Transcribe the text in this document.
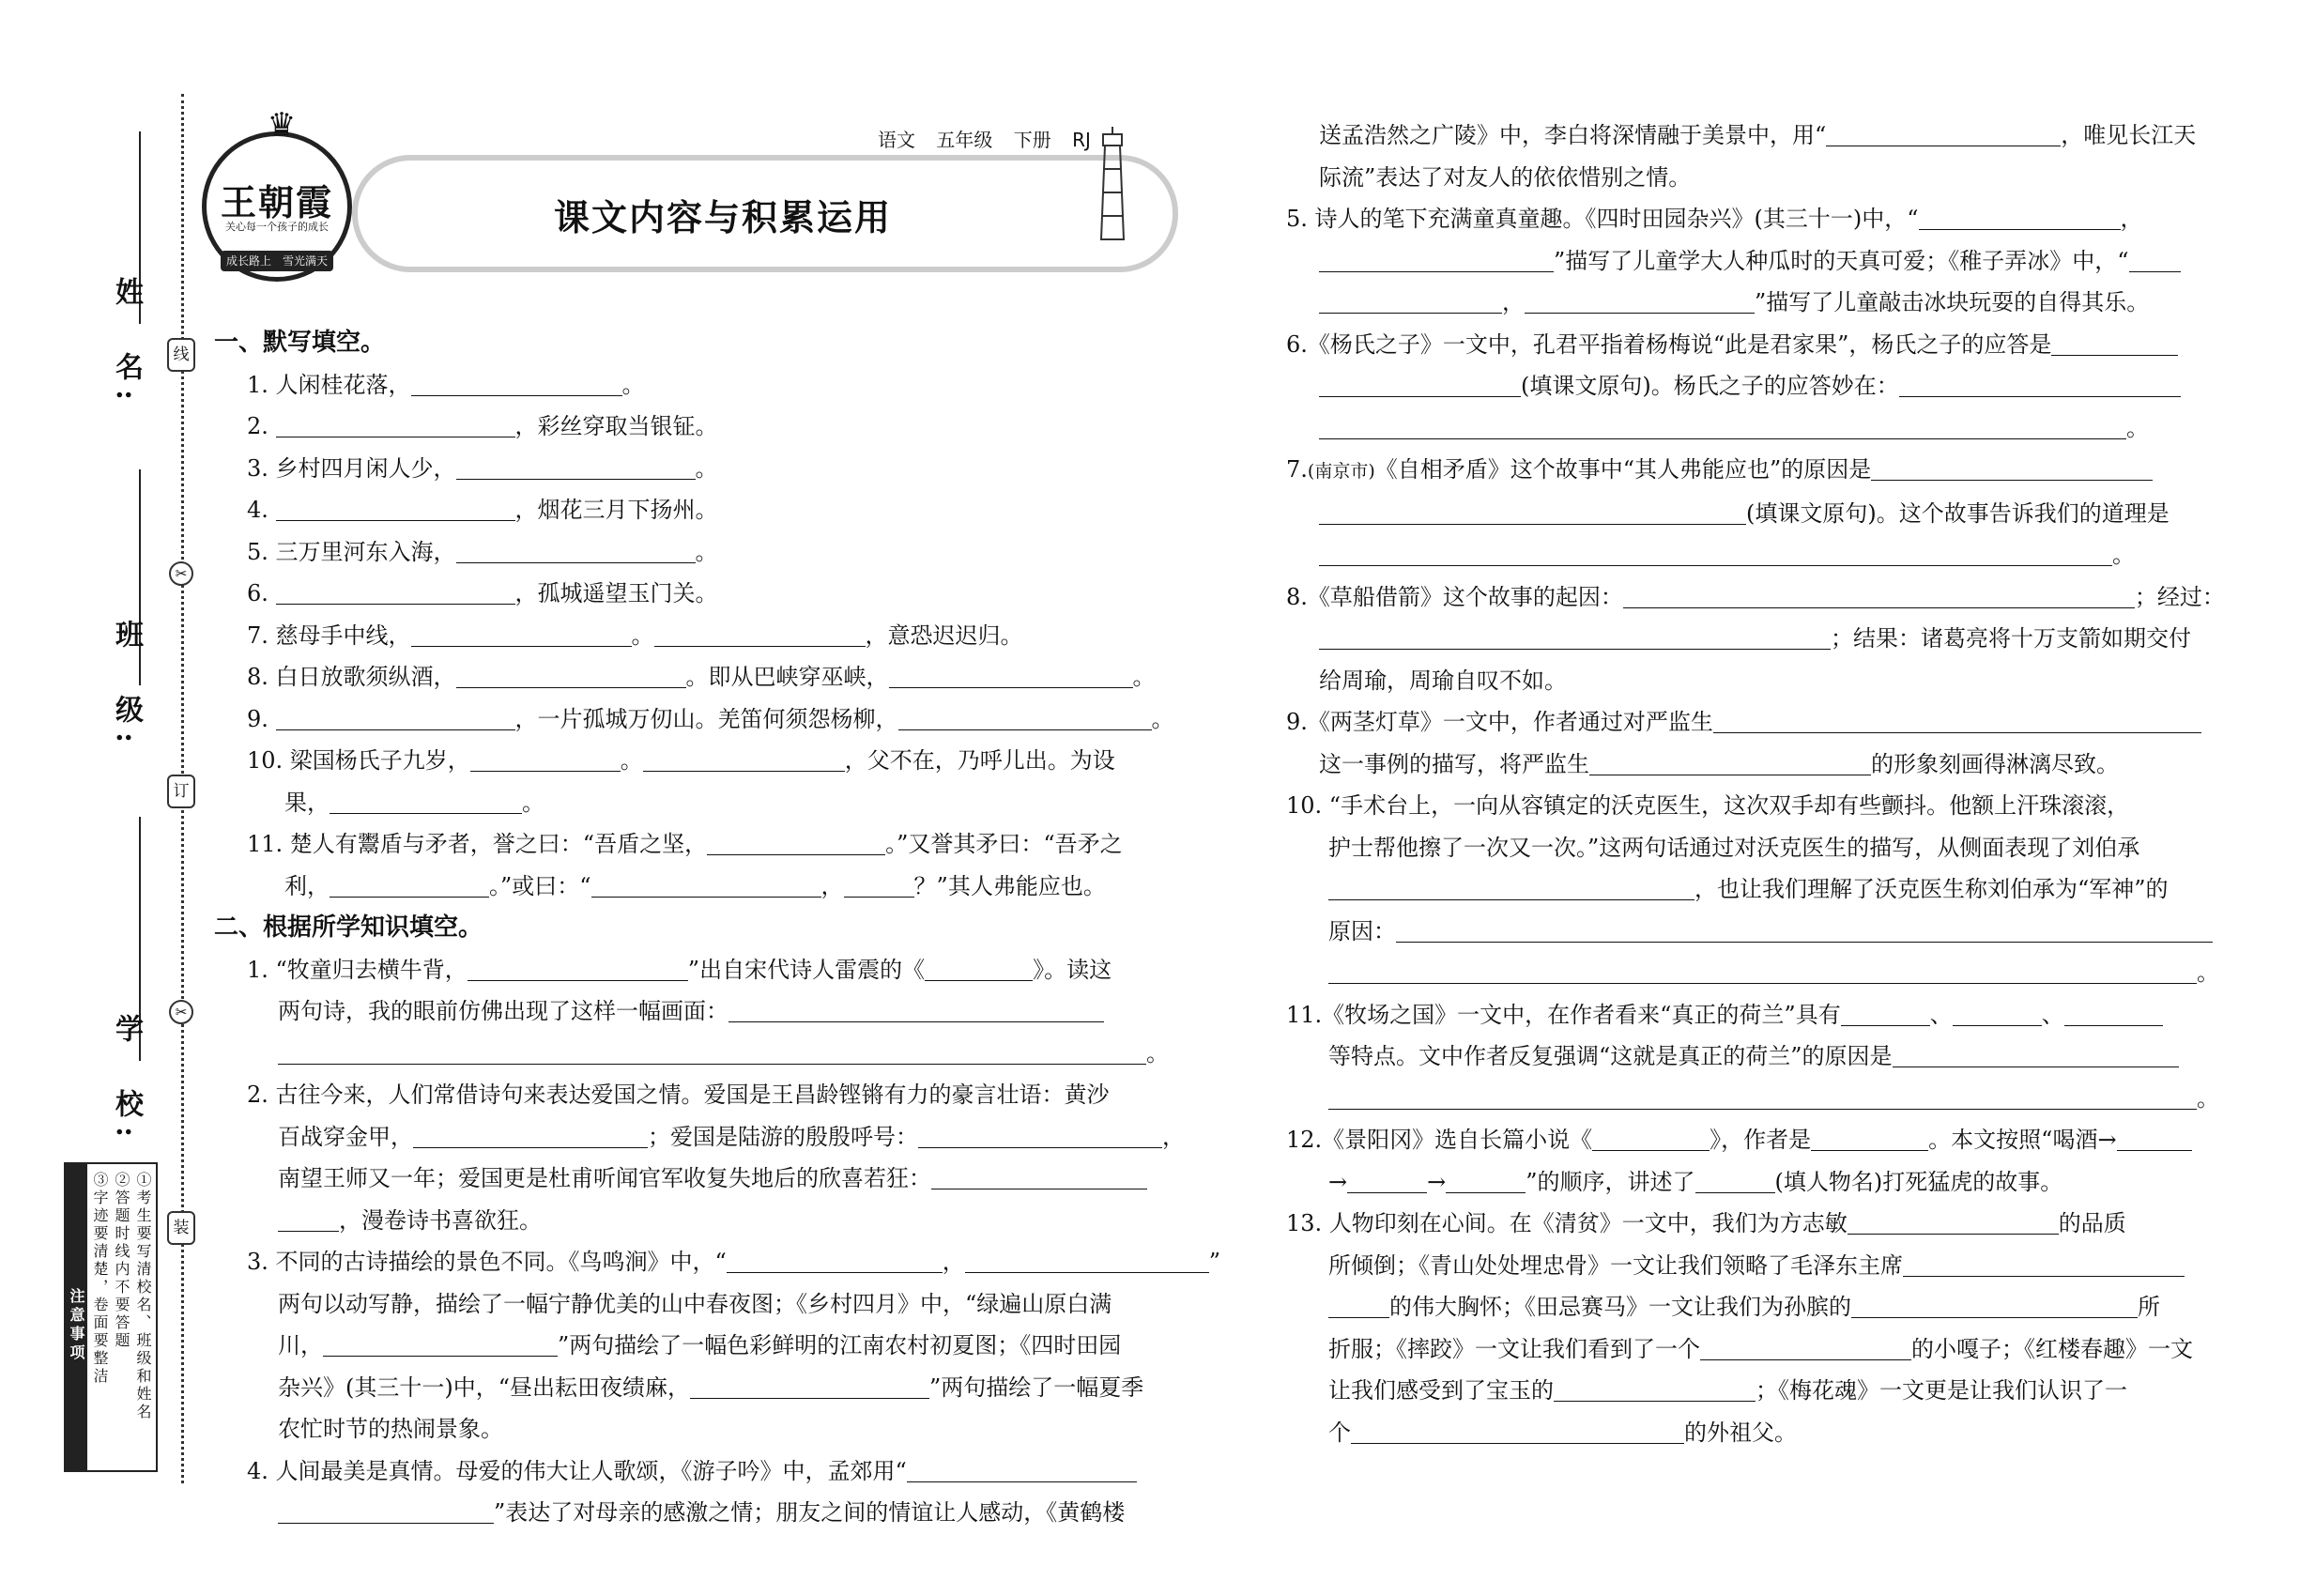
姓　名:
班　级:
学　校:
线
✂
订
✂
装
注意事项	①考生要写清校名、班级和姓名
②答题时线内不要答题
③字迹要清楚，卷面要整洁
♛
王朝霞
关心每一个孩子的成长
成长路上　雪光满天
课文内容与积累运用
语文 五年级 下册 RJ
一、默写填空。
1. 人闲桂花落，	。
2.	，彩丝穿取当银钲。
3. 乡村四月闲人少，	。
4.	，烟花三月下扬州。
5. 三万里河东入海，	。
6.	，孤城遥望玉门关。
7. 慈母手中线，	。	，意恐迟迟归。
8. 白日放歌须纵酒，	。即从巴峡穿巫峡，	。
9.	，一片孤城万仞山。羌笛何须怨杨柳，	。
10. 梁国杨氏子九岁，	。	，父不在，乃呼儿出。为设
果，	。
11. 楚人有鬻盾与矛者，誉之曰：“吾盾之坚，	。”又誉其矛曰：“吾矛之
利，	。”或曰：“	，	？”其人弗能应也。
二、根据所学知识填空。
1. “牧童归去横牛背，	”出自宋代诗人雷震的《	》。读这
两句诗，我的眼前仿佛出现了这样一幅画面：
。
2. 古往今来，人们常借诗句来表达爱国之情。爱国是王昌龄铿锵有力的豪言壮语：黄沙
百战穿金甲，	；爱国是陆游的殷殷呼号：	，
南望王师又一年；爱国更是杜甫听闻官军收复失地后的欣喜若狂：
，漫卷诗书喜欲狂。
3. 不同的古诗描绘的景色不同。《鸟鸣涧》中，“	，	”
两句以动写静，描绘了一幅宁静优美的山中春夜图；《乡村四月》中，“绿遍山原白满
川，	”两句描绘了一幅色彩鲜明的江南农村初夏图；《四时田园
杂兴》(其三十一)中，“昼出耘田夜绩麻，	”两句描绘了一幅夏季
农忙时节的热闹景象。
4. 人间最美是真情。母爱的伟大让人歌颂，《游子吟》中，孟郊用“
”表达了对母亲的感激之情；朋友之间的情谊让人感动，《黄鹤楼
送孟浩然之广陵》中，李白将深情融于美景中，用“	，唯见长江天
际流”表达了对友人的依依惜别之情。
5. 诗人的笔下充满童真童趣。《四时田园杂兴》(其三十一)中，“	，
”描写了儿童学大人种瓜时的天真可爱；《稚子弄冰》中，“
，	”描写了儿童敲击冰块玩耍的自得其乐。
6.《杨氏之子》一文中，孔君平指着杨梅说“此是君家果”，杨氏之子的应答是
(填课文原句)。杨氏之子的应答妙在：
。
7.(南京市)《自相矛盾》这个故事中“其人弗能应也”的原因是
(填课文原句)。这个故事告诉我们的道理是
。
8.《草船借箭》这个故事的起因：	；经过：
；结果：诸葛亮将十万支箭如期交付
给周瑜，周瑜自叹不如。
9.《两茎灯草》一文中，作者通过对严监生
这一事例的描写，将严监生	的形象刻画得淋漓尽致。
10. “手术台上，一向从容镇定的沃克医生，这次双手却有些颤抖。他额上汗珠滚滚，
护士帮他擦了一次又一次。”这两句话通过对沃克医生的描写，从侧面表现了刘伯承
，也让我们理解了沃克医生称刘伯承为“军神”的
原因：
。
11.《牧场之国》一文中，在作者看来“真正的荷兰”具有	、	、
等特点。文中作者反复强调“这就是真正的荷兰”的原因是
。
12.《景阳冈》选自长篇小说《	》，作者是	。本文按照“喝酒→
→	→	”的顺序，讲述了	(填人物名)打死猛虎的故事。
13. 人物印刻在心间。在《清贫》一文中，我们为方志敏	的品质
所倾倒；《青山处处埋忠骨》一文让我们领略了毛泽东主席
的伟大胸怀；《田忌赛马》一文让我们为孙膑的	所
折服；《摔跤》一文让我们看到了一个	的小嘎子；《红楼春趣》一文
让我们感受到了宝玉的	；《梅花魂》一文更是让我们认识了一
个	的外祖父。
